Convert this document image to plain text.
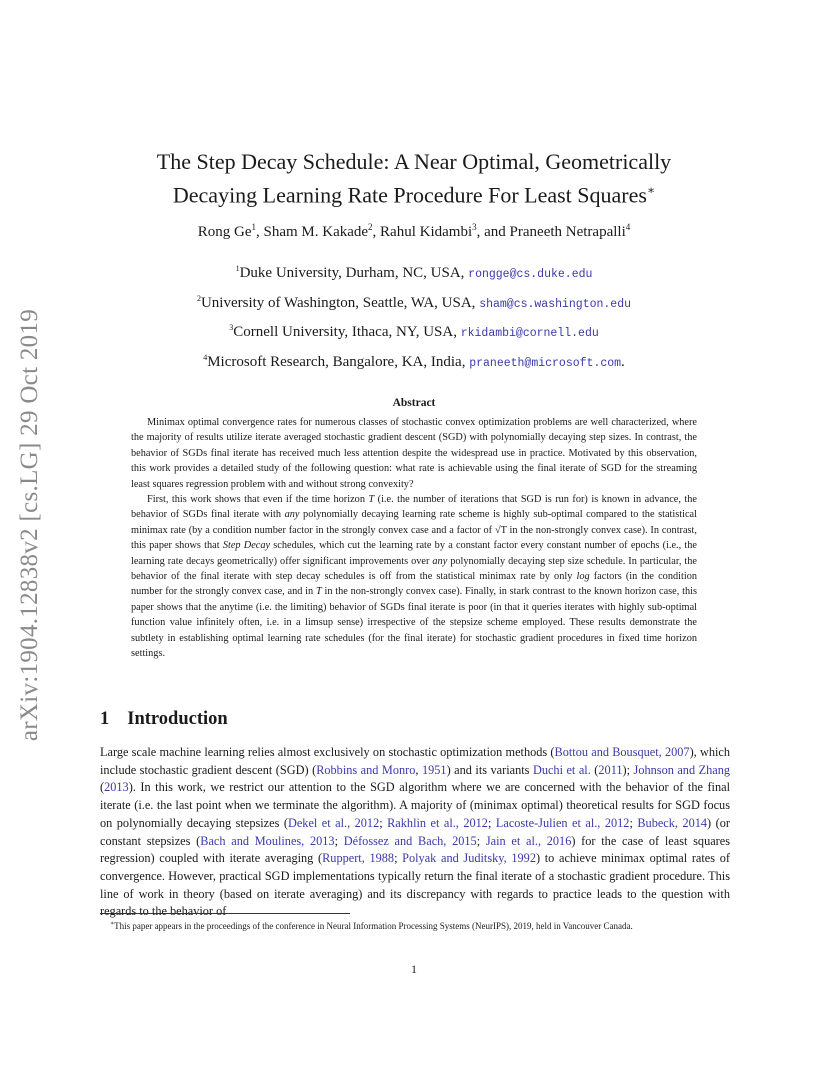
arXiv:1904.12838v2 [cs.LG] 29 Oct 2019
The Step Decay Schedule: A Near Optimal, Geometrically
Decaying Learning Rate Procedure For Least Squares∗
Rong Ge$^1$, Sham M. Kakade$^2$, Rahul Kidambi$^3$, and Praneeth Netrapalli$^4$
$^1$Duke University, Durham, NC, USA, rongge@cs.duke.edu
$^2$University of Washington, Seattle, WA, USA, sham@cs.washington.edu
$^3$Cornell University, Ithaca, NY, USA, rkidambi@cornell.edu
$^4$Microsoft Research, Bangalore, KA, India, praneeth@microsoft.com.
Abstract

Minimax optimal convergence rates for numerous classes of stochastic convex optimization problems are well characterized, where the majority of results utilize iterate averaged stochastic gradient descent (SGD) with polynomially decaying step sizes. In contrast, the behavior of SGDs final iterate has received much less attention despite the widespread use in practice. Motivated by this observation, this work provides a detailed study of the following question: what rate is achievable using the final iterate of SGD for the streaming least squares regression problem with and without strong convexity?

First, this work shows that even if the time horizon T (i.e. the number of iterations that SGD is run for) is known in advance, the behavior of SGDs final iterate with any polynomially decaying learning rate scheme is highly sub-optimal compared to the statistical minimax rate (by a condition number factor in the strongly convex case and a factor of √T in the non-strongly convex case). In contrast, this paper shows that Step Decay schedules, which cut the learning rate by a constant factor every constant number of epochs (i.e., the learning rate decays geometrically) offer significant improvements over any polynomially decaying step size schedule. In particular, the behavior of the final iterate with step decay schedules is off from the statistical minimax rate by only log factors (in the condition number for the strongly convex case, and in T in the non-strongly convex case). Finally, in stark contrast to the known horizon case, this paper shows that the anytime (i.e. the limiting) behavior of SGDs final iterate is poor (in that it queries iterates with highly sub-optimal function value infinitely often, i.e. in a limsup sense) irrespective of the stepsize scheme employed. These results demonstrate the subtlety in establishing optimal learning rate schedules (for the final iterate) for stochastic gradient procedures in fixed time horizon settings.

1 Introduction

Large scale machine learning relies almost exclusively on stochastic optimization methods (Bottou and Bousquet, 2007), which include stochastic gradient descent (SGD) (Robbins and Monro, 1951) and its variants Duchi et al. (2011); Johnson and Zhang (2013). In this work, we restrict our attention to the SGD algorithm where we are concerned with the behavior of the final iterate (i.e. the last point when we terminate the algorithm). A majority of (minimax optimal) theoretical results for SGD focus on polynomially decaying stepsizes (Dekel et al., 2012; Rakhlin et al., 2012; Lacoste-Julien et al., 2012; Bubeck, 2014) (or constant stepsizes (Bach and Moulines, 2013; Défossez and Bach, 2015; Jain et al., 2016) for the case of least squares regression) coupled with iterate averaging (Ruppert, 1988; Polyak and Juditsky, 1992) to achieve minimax optimal rates of convergence. However, practical SGD implementations typically return the final iterate of a stochastic gradient procedure. This line of work in theory (based on iterate averaging) and its discrepancy with regards to practice leads to the question with regards to the behavior of

∗This paper appears in the proceedings of the conference in Neural Information Processing Systems (NeurIPS), 2019, held in Vancouver Canada.
1
